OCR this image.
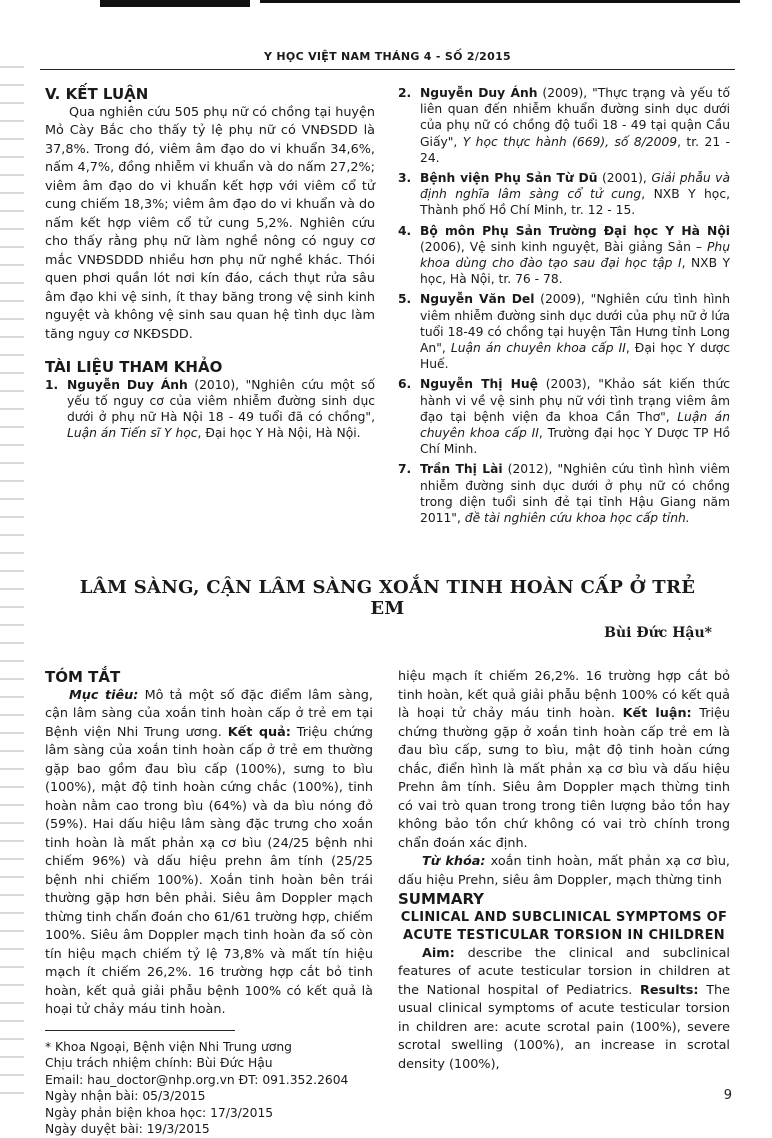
Y HỌC VIỆT NAM THÁNG 4 - SỐ 2/2015

V. KẾT LUẬN

Qua nghiên cứu 505 phụ nữ có chồng tại huyện Mỏ Cày Bắc cho thấy tỷ lệ phụ nữ có VNĐSDD là 37,8%. Trong đó, viêm âm đạo do vi khuẩn 34,6%, nấm 4,7%, đồng nhiễm vi khuẩn và do nấm 27,2%; viêm âm đạo do vi khuẩn kết hợp với viêm cổ tử cung chiếm 18,3%; viêm âm đạo do vi khuẩn và do nấm kết hợp viêm cổ tử cung 5,2%. Nghiên cứu cho thấy rằng phụ nữ làm nghề nông có nguy cơ mắc VNĐSDDD nhiều hơn phụ nữ nghề khác. Thói quen phơi quần lót nơi kín đáo, cách thụt rửa sâu âm đạo khi vệ sinh, ít thay băng trong vệ sinh kinh nguyệt và không vệ sinh sau quan hệ tình dục làm tăng nguy cơ NKĐSDD.

TÀI LIỆU THAM KHẢO

1. Nguyễn Duy Ánh (2010), "Nghiên cứu một số yếu tố nguy cơ của viêm nhiễm đường sinh dục dưới ở phụ nữ Hà Nội 18 - 49 tuổi đã có chồng", Luận án Tiến sĩ Y học, Đại học Y Hà Nội, Hà Nội.
2. Nguyễn Duy Ánh (2009), "Thực trạng và yếu tố liên quan đến nhiễm khuẩn đường sinh dục dưới của phụ nữ có chồng độ tuổi 18 - 49 tại quận Cầu Giấy", Y học thực hành (669), số 8/2009, tr. 21 - 24.
3. Bệnh viện Phụ Sản Từ Dũ (2001), Giải phẫu và định nghĩa lâm sàng cổ tử cung, NXB Y học, Thành phố Hồ Chí Minh, tr. 12 - 15.
4. Bộ môn Phụ Sản Trường Đại học Y Hà Nội (2006), Vệ sinh kinh nguyệt, Bài giảng Sản – Phụ khoa dùng cho đào tạo sau đại học tập I, NXB Y học, Hà Nội, tr. 76 - 78.
5. Nguyễn Văn Del (2009), "Nghiên cứu tình hình viêm nhiễm đường sinh dục dưới của phụ nữ ở lứa tuổi 18-49 có chồng tại huyện Tân Hưng tỉnh Long An", Luận án chuyên khoa cấp II, Đại học Y dược Huế.
6. Nguyễn Thị Huệ (2003), "Khảo sát kiến thức hành vi về vệ sinh phụ nữ với tình trạng viêm âm đạo tại bệnh viện đa khoa Cần Thơ", Luận án chuyên khoa cấp II, Trường đại học Y Dược TP Hồ Chí Minh.
7. Trần Thị Lài (2012), "Nghiên cứu tình hình viêm nhiễm đường sinh dục dưới ở phụ nữ có chồng trong diện tuổi sinh đẻ tại tỉnh Hậu Giang năm 2011", đề tài nghiên cứu khoa học cấp tỉnh.
LÂM SÀNG, CẬN LÂM SÀNG XOẮN TINH HOÀN CẤP Ở TRẺ EM
Bùi Đức Hậu*

TÓM TẮT

Mục tiêu: Mô tả một số đặc điểm lâm sàng, cận lâm sàng của xoắn tinh hoàn cấp ở trẻ em tại Bệnh viện Nhi Trung ương. Kết quả: Triệu chứng lâm sàng của xoắn tinh hoàn cấp ở trẻ em thường gặp bao gồm đau bìu cấp (100%), sưng to bìu (100%), mật độ tinh hoàn cứng chắc (100%), tinh hoàn nằm cao trong bìu (64%) và da bìu nóng đỏ (59%). Hai dấu hiệu lâm sàng đặc trưng cho xoắn tinh hoàn là mất phản xạ cơ bìu (24/25 bệnh nhi chiếm 96%) và dấu hiệu prehn âm tính (25/25 bệnh nhi chiếm 100%). Xoắn tinh hoàn bên trái thường gặp hơn bên phải. Siêu âm Doppler mạch thừng tinh chẩn đoán cho 61/61 trường hợp, chiếm 100%. Siêu âm Doppler mạch tinh hoàn đa số còn tín hiệu mạch chiếm tỷ lệ 73,8% và mất tín hiệu mạch ít chiếm 26,2%. 16 trường hợp cắt bỏ tinh hoàn, kết quả giải phẫu bệnh 100% có kết quả là hoại tử chảy máu tinh hoàn.

* Khoa Ngoại, Bệnh viện Nhi Trung ương
Chịu trách nhiệm chính: Bùi Đức Hậu
Email: hau_doctor@nhp.org.vn ĐT: 091.352.2604
Ngày nhận bài: 05/3/2015
Ngày phản biện khoa học: 17/3/2015
Ngày duyệt bài: 19/3/2015

hiệu mạch ít chiếm 26,2%. 16 trường hợp cắt bỏ tinh hoàn, kết quả giải phẫu bệnh 100% có kết quả là hoại tử chảy máu tinh hoàn. Kết luận: Triệu chứng thường gặp ở xoắn tinh hoàn cấp trẻ em là đau bìu cấp, sưng to bìu, mật độ tinh hoàn cứng chắc, điển hình là mất phản xạ cơ bìu và dấu hiệu Prehn âm tính. Siêu âm Doppler mạch thừng tinh có vai trò quan trong trong tiên lượng bảo tồn hay không bảo tồn chứ không có vai trò chính trong chẩn đoán xác định.

Từ khóa: xoắn tinh hoàn, mất phản xạ cơ bìu, dấu hiệu Prehn, siêu âm Doppler, mạch thừng tinh

SUMMARY

CLINICAL AND SUBCLINICAL SYMPTOMS OF ACUTE TESTICULAR TORSION IN CHILDREN

Aim: describe the clinical and subclinical features of acute testicular torsion in children at the National hospital of Pediatrics. Results: The usual clinical symptoms of acute testicular torsion in children are: acute scrotal pain (100%), severe scrotal swelling (100%), an increase in scrotal density (100%),

9
